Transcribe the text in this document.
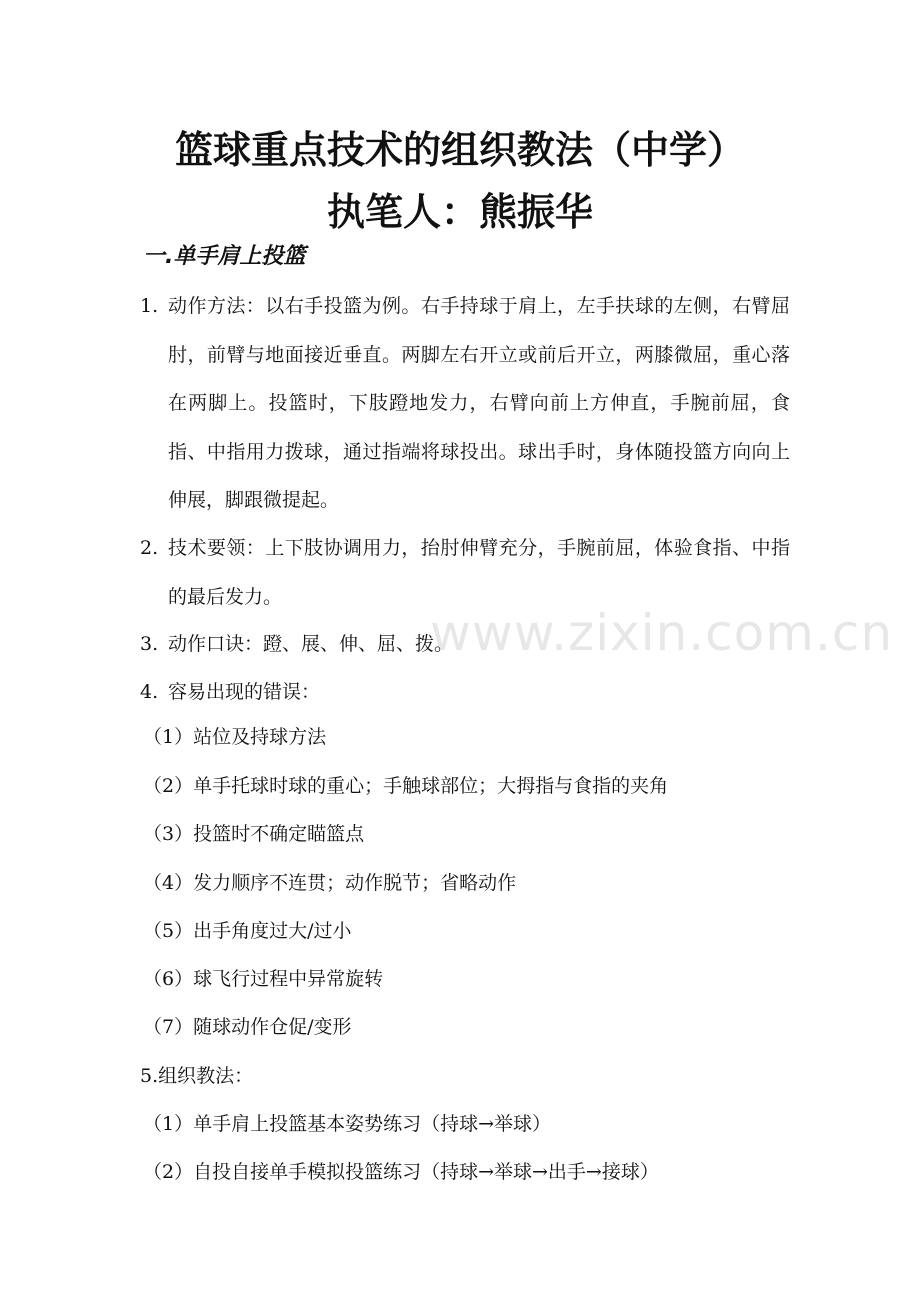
篮球重点技术的组织教法（中学）
执笔人：熊振华
一.单手肩上投篮
1. 动作方法：以右手投篮为例。右手持球于肩上，左手扶球的左侧，右臂屈肘，前臂与地面接近垂直。两脚左右开立或前后开立，两膝微屈，重心落在两脚上。投篮时，下肢蹬地发力，右臂向前上方伸直，手腕前屈，食指、中指用力拨球，通过指端将球投出。球出手时，身体随投篮方向向上伸展，脚跟微提起。
2. 技术要领：上下肢协调用力，抬肘伸臂充分，手腕前屈，体验食指、中指的最后发力。
3. 动作口诀：蹬、展、伸、屈、拨。
4. 容易出现的错误：

（1）站位及持球方法

（2）单手托球时球的重心；手触球部位；大拇指与食指的夹角

（3）投篮时不确定瞄篮点

（4）发力顺序不连贯；动作脱节；省略动作

（5）出手角度过大/过小

（6）球飞行过程中异常旋转

（7）随球动作仓促/变形

5.组织教法：

（1）单手肩上投篮基本姿势练习（持球→举球）

（2）自投自接单手模拟投篮练习（持球→举球→出手→接球）

www.zixin.com.cn
